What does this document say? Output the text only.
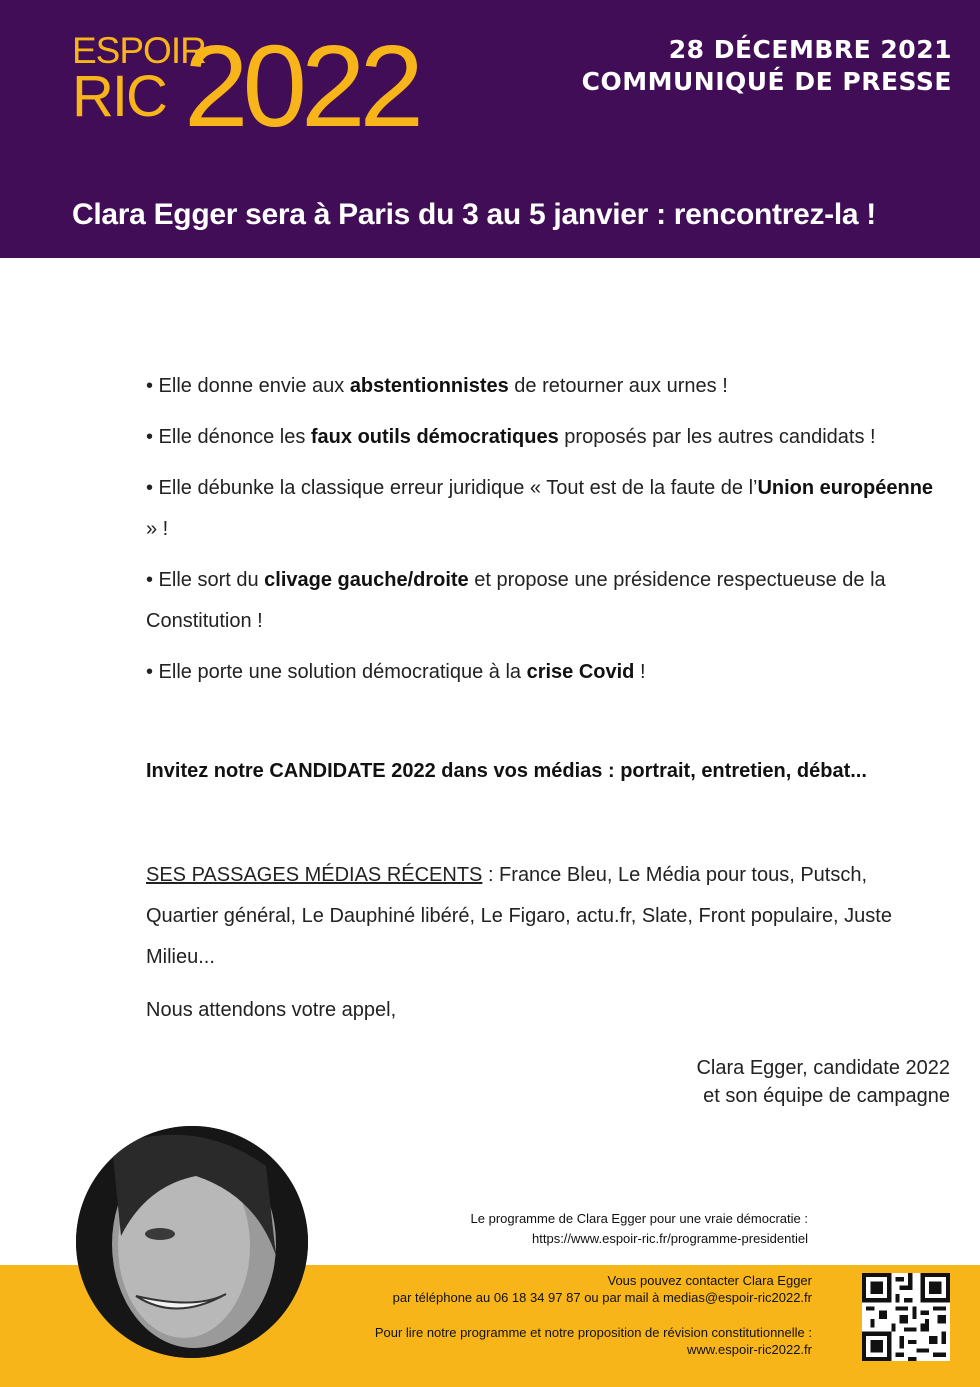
ESPOIR
RIC 2022	28 DÉCEMBRE 2021
COMMUNIQUÉ DE PRESSE
Clara Egger sera à Paris du 3 au 5 janvier : rencontrez-la !

• Elle donne envie aux abstentionnistes de retourner aux urnes !

• Elle dénonce les faux outils démocratiques proposés par les autres candidats !

• Elle débunke la classique erreur juridique « Tout est de la faute de l’Union européenne » !

• Elle sort du clivage gauche/droite et propose une présidence respectueuse de la Constitution !

• Elle porte une solution démocratique à la crise Covid !

Invitez notre CANDIDATE 2022 dans vos médias : portrait, entretien, débat...
SES PASSAGES MÉDIAS RÉCENTS : France Bleu, Le Média pour tous, Putsch, Quartier général, Le Dauphiné libéré, Le Figaro, actu.fr, Slate, Front populaire, Juste Milieu...
Nous attendons votre appel,
Clara Egger, candidate 2022
et son équipe de campagne
Le programme de Clara Egger pour une vraie démocratie :
https://www.espoir-ric.fr/programme-presidentiel
Vous pouvez contacter Clara Egger
par téléphone au 06 18 34 97 87 ou par mail à medias@espoir-ric2022.fr
Pour lire notre programme et notre proposition de révision constitutionnelle :
www.espoir-ric2022.fr
